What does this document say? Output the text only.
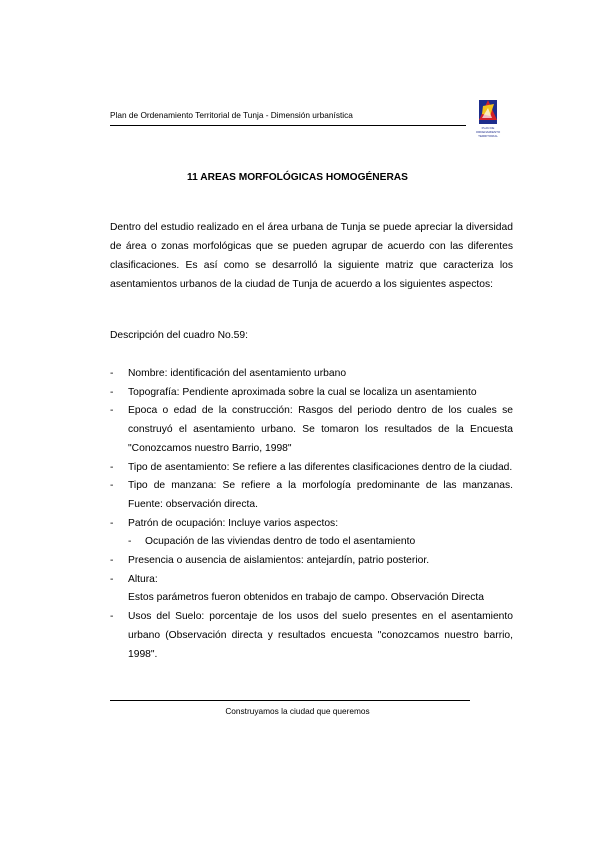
Plan de Ordenamiento Territorial de Tunja - Dimensión urbanística
PLAN DE
ORDENAMIENTO
TERRITORIAL
11 AREAS MORFOLÓGICAS HOMOGÉNERAS
Dentro del estudio realizado en el área urbana de Tunja se puede apreciar la diversidad de área o zonas morfológicas que se pueden agrupar de acuerdo con las diferentes clasificaciones. Es así como se desarrolló la siguiente matriz que caracteriza los asentamientos urbanos de la ciudad de Tunja de acuerdo a los siguientes aspectos:
Descripción del cuadro No.59:
- Nombre: identificación del asentamiento urbano
- Topografía: Pendiente aproximada sobre la cual se localiza un asentamiento
- Epoca o edad de la construcción: Rasgos del periodo dentro de los cuales se construyó el asentamiento urbano. Se tomaron los resultados de la Encuesta "Conozcamos nuestro Barrio, 1998"
- Tipo de asentamiento: Se refiere a las diferentes clasificaciones dentro de la ciudad.
- Tipo de manzana: Se refiere a la morfología predominante de las manzanas. Fuente: observación directa.
- Patrón de ocupación: Incluye varios aspectos:
- Ocupación de las viviendas dentro de todo el asentamiento
- Presencia o ausencia de aislamientos: antejardín, patrio posterior.
- Altura:
Estos parámetros fueron obtenidos en trabajo de campo. Observación Directa
- Usos del Suelo: porcentaje de los usos del suelo presentes en el asentamiento urbano (Observación directa y resultados encuesta "conozcamos nuestro barrio, 1998".
Construyamos la ciudad que queremos
